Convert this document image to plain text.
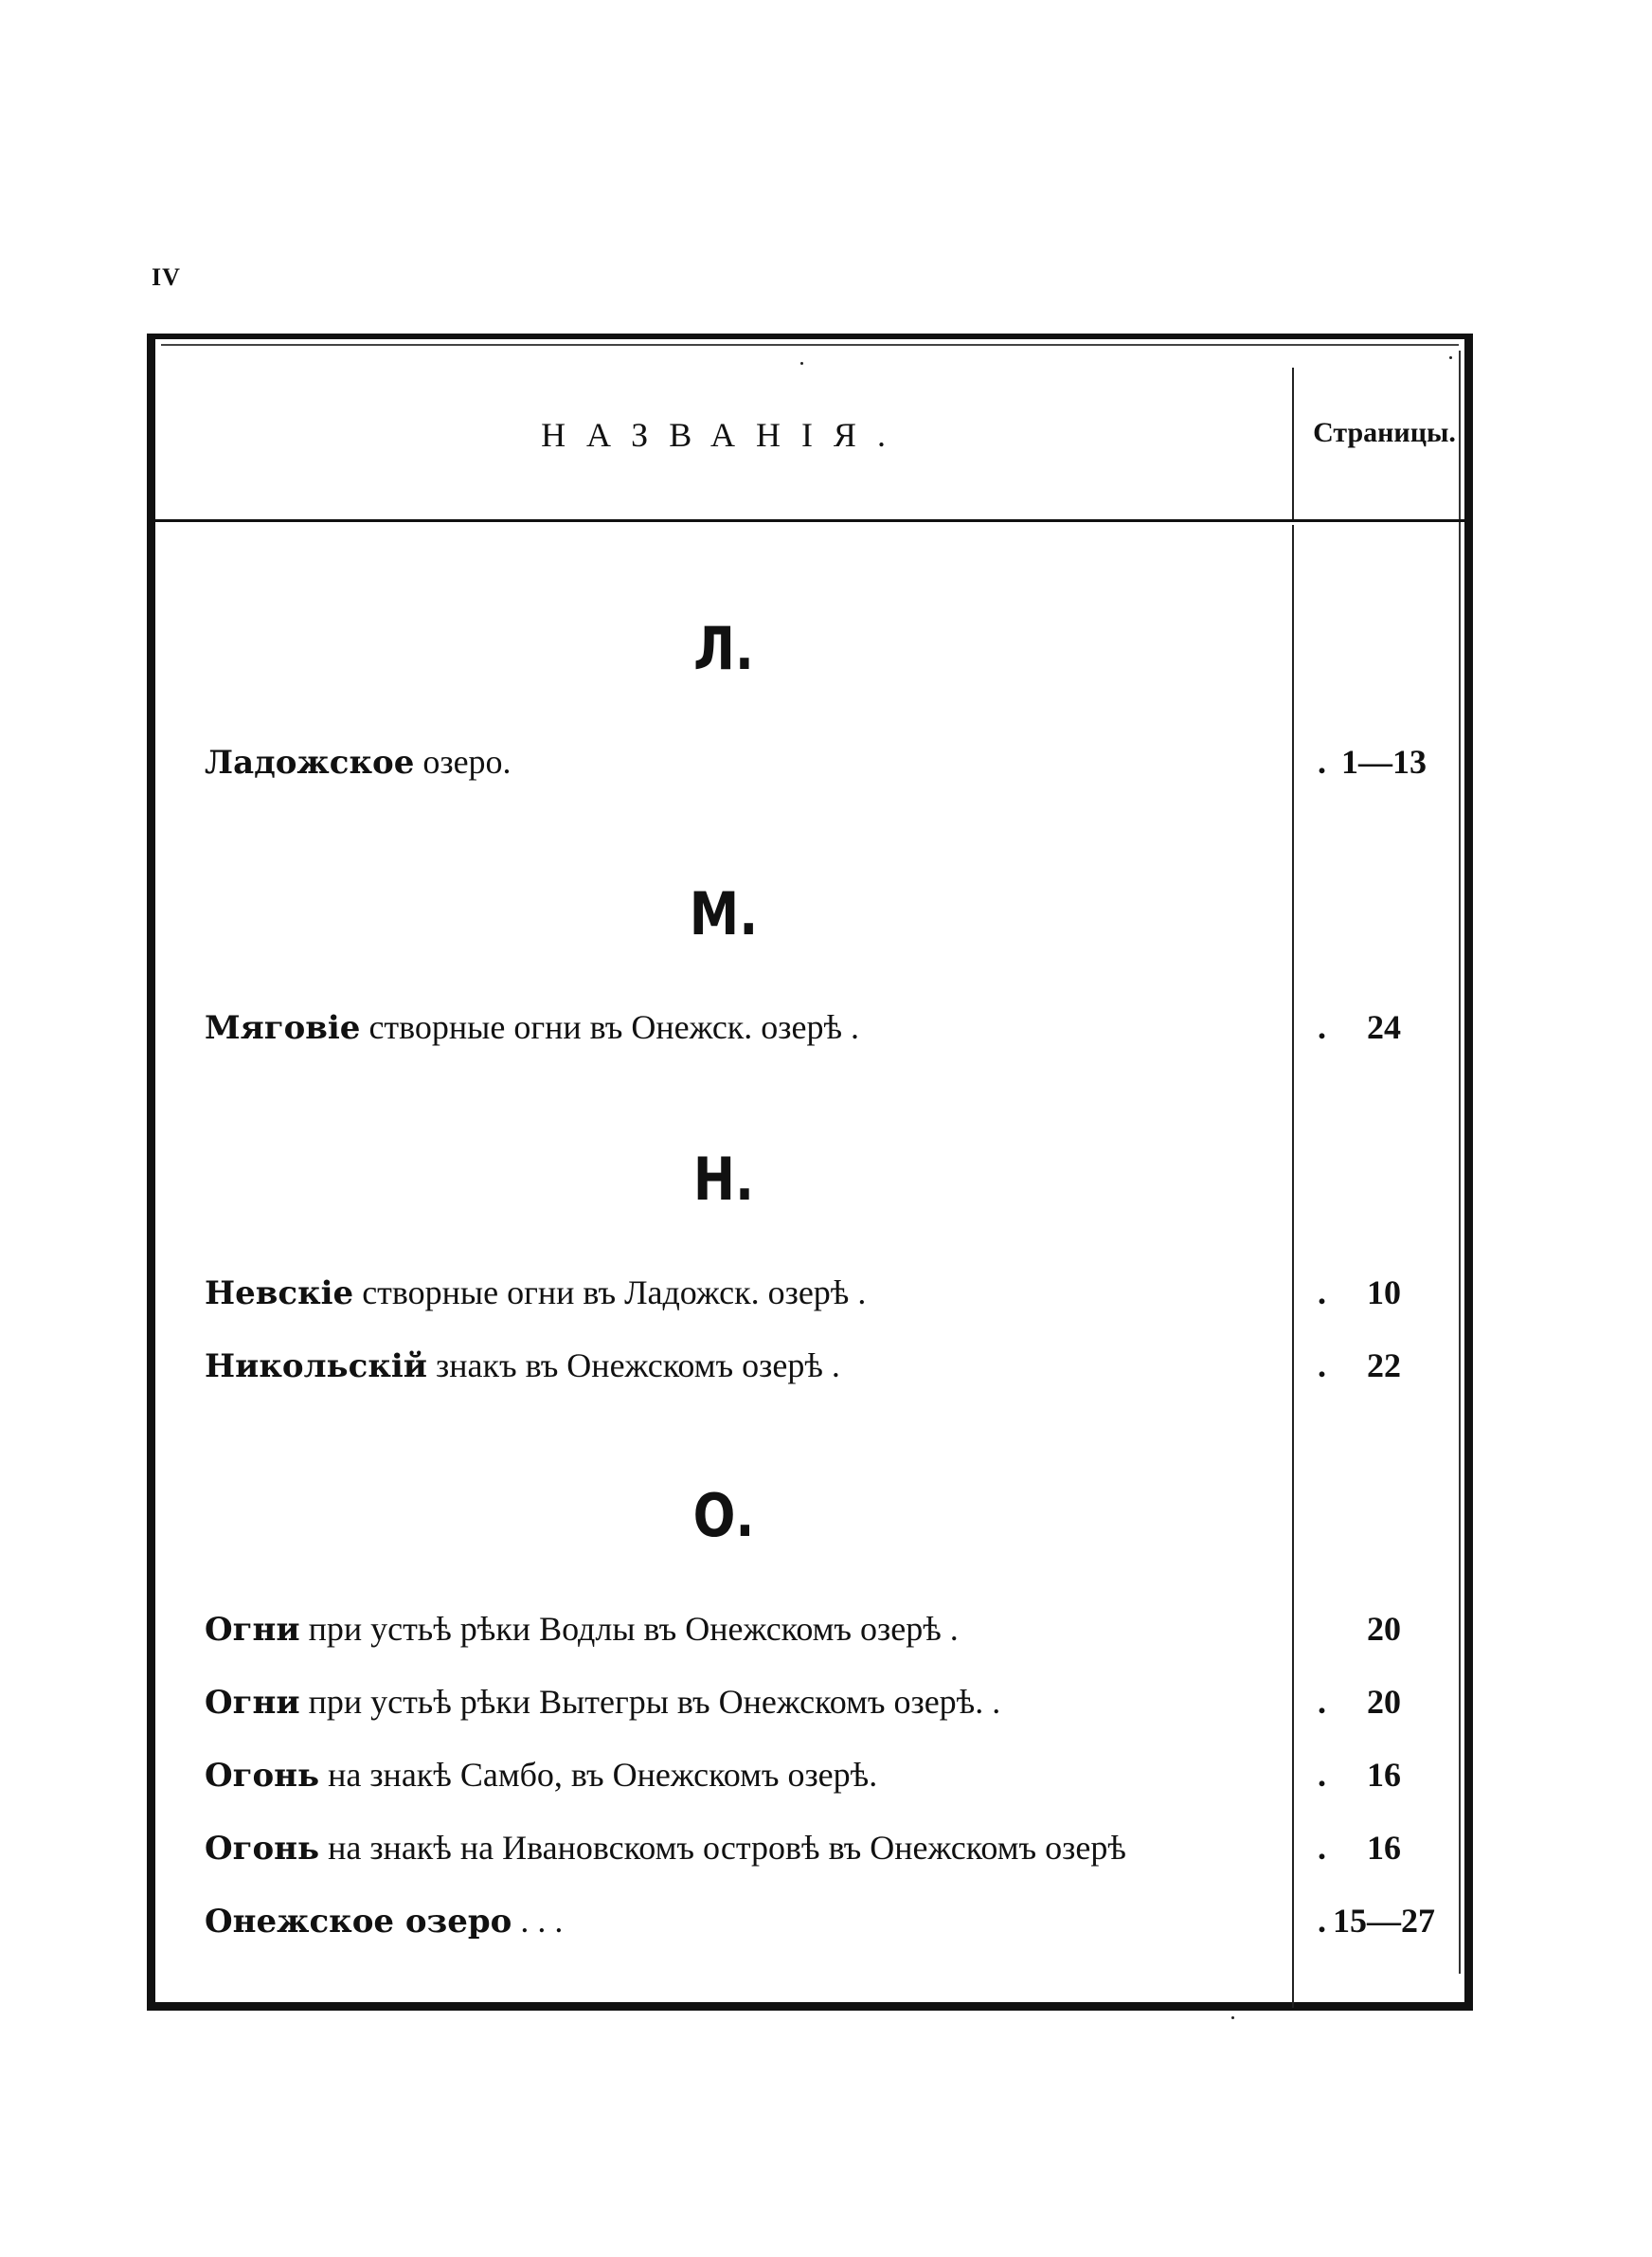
IV
НАЗВАНІЯ.	Страницы.
Л.
Ладожское озеро.	. 1—13
М.
Мяговіе створные огни въ Онежск. озерѣ .	.	24
Н.
Невскіе створные огни въ Ладожск. озерѣ .	.	10
Никольскій знакъ въ Онежскомъ озерѣ .	.	22
О.
Огни при устьѣ рѣки Водлы въ Онежскомъ озерѣ .	20
Огни при устьѣ рѣки Вытегры въ Онежскомъ озерѣ. .	.	20
Огонь на знакѣ Самбо, въ Онежскомъ озерѣ.	.	16
Огонь на знакѣ на Ивановскомъ островѣ въ Онежскомъ озерѣ	.	16
Онежское озеро . . .	. 15—27
